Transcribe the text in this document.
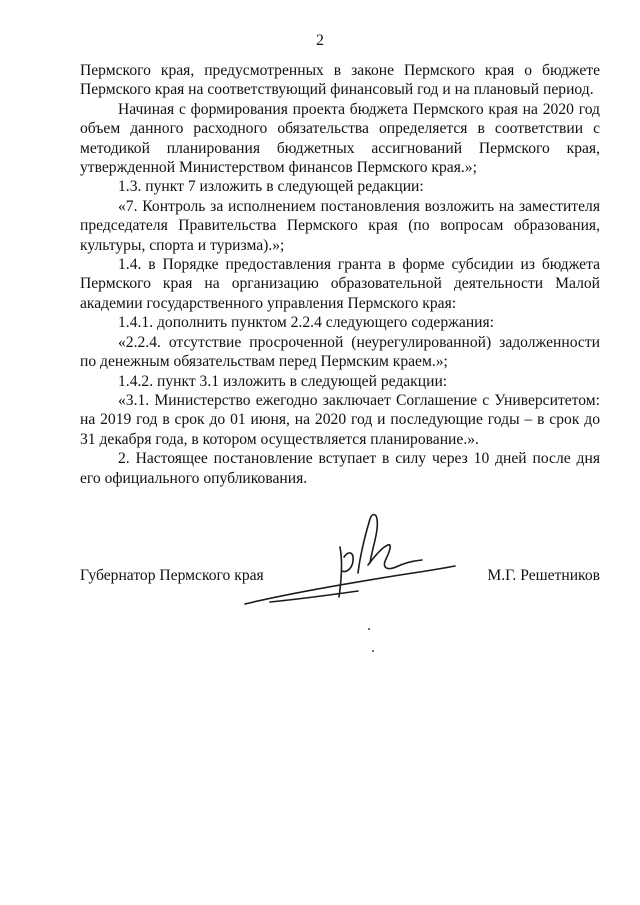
2

Пермского края, предусмотренных в законе Пермского края о бюджете Пермского края на соответствующий финансовый год и на плановый период.

Начиная с формирования проекта бюджета Пермского края на 2020 год объем данного расходного обязательства определяется в соответствии с методикой планирования бюджетных ассигнований Пермского края, утвержденной Министерством финансов Пермского края.»;

1.3. пункт 7 изложить в следующей редакции:

«7. Контроль за исполнением постановления возложить на заместителя председателя Правительства Пермского края (по вопросам образования, культуры, спорта и туризма).»;

1.4. в Порядке предоставления гранта в форме субсидии из бюджета Пермского края на организацию образовательной деятельности Малой академии государственного управления Пермского края:

1.4.1. дополнить пунктом 2.2.4 следующего содержания:

«2.2.4. отсутствие просроченной (неурегулированной) задолженности по денежным обязательствам перед Пермским краем.»;

1.4.2. пункт 3.1 изложить в следующей редакции:

«3.1. Министерство ежегодно заключает Соглашение с Университетом: на 2019 год в срок до 01 июня, на 2020 год и последующие годы – в срок до 31 декабря года, в котором осуществляется планирование.».

2. Настоящее постановление вступает в силу через 10 дней после дня его официального опубликования.

Губернатор Пермского края	М.Г. Решетников
